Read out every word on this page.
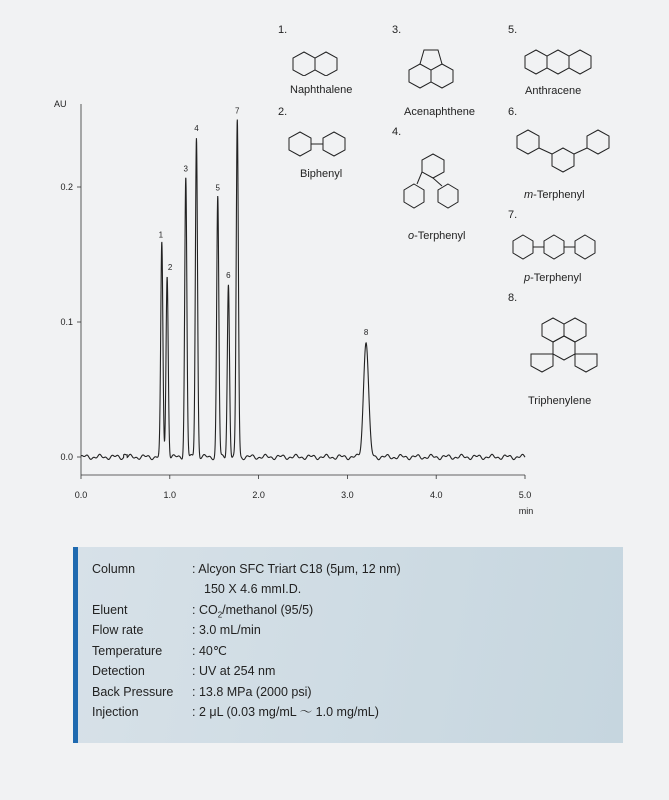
0.0
0.1
0.2
AU
0.0	1.0	2.0	3.0	4.0	5.0
min
1
2
3
4
5
6
7
8
1.
Naphthalene
2.
Biphenyl
3.
Acenaphthene
4.
o-Terphenyl
5.
Anthracene
6.
m-Terphenyl
7.
p-Terphenyl
8.
Triphenylene
Column	: Alcyon SFC Triart C18 (5μm, 12 nm)
150 X 4.6 mmI.D.
Eluent	: $CO_2$/methanol (95/5)
Flow rate	: 3.0 mL/min
Temperature	: 40℃
Detection	: UV at 254 nm
Back Pressure	: 13.8 MPa (2000 psi)
Injection	: 2 μL (0.03 mg/mL ～ 1.0 mg/mL)
